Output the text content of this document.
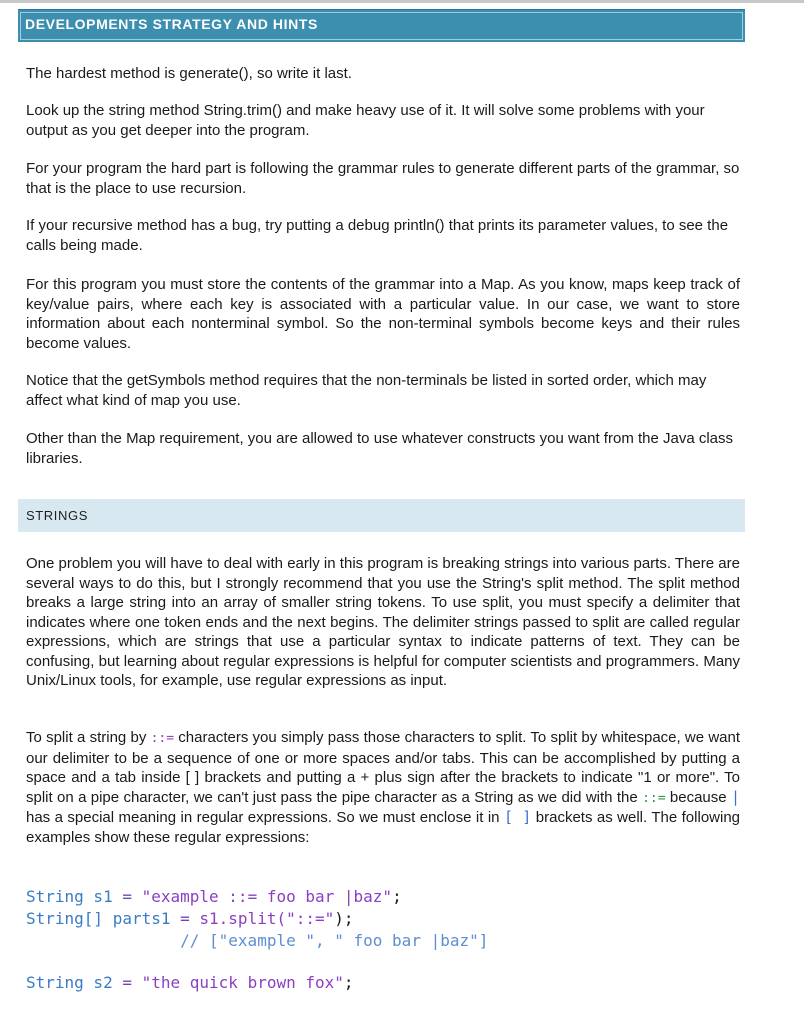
DEVELOPMENTS STRATEGY AND HINTS

The hardest method is generate(), so write it last.

Look up the string method String.trim() and make heavy use of it. It will solve some problems with your output as you get deeper into the program.

For your program the hard part is following the grammar rules to generate different parts of the grammar, so that is the place to use recursion.

If your recursive method has a bug, try putting a debug println() that prints its parameter values, to see the calls being made.

For this program you must store the contents of the grammar into a Map. As you know, maps keep track of key/value pairs, where each key is associated with a particular value. In our case, we want to store information about each nonterminal symbol. So the non-terminal symbols become keys and their rules become values.

Notice that the getSymbols method requires that the non-terminals be listed in sorted order, which may affect what kind of map you use.

Other than the Map requirement, you are allowed to use whatever constructs you want from the Java class libraries.

STRINGS

One problem you will have to deal with early in this program is breaking strings into various parts. There are several ways to do this, but I strongly recommend that you use the String's split method. The split method breaks a large string into an array of smaller string tokens. To use split, you must specify a delimiter that indicates where one token ends and the next begins. The delimiter strings passed to split are called regular expressions, which are strings that use a particular syntax to indicate patterns of text. They can be confusing, but learning about regular expressions is helpful for computer scientists and programmers. Many Unix/Linux tools, for example, use regular expressions as input.

To split a string by ::= characters you simply pass those characters to split. To split by whitespace, we want our delimiter to be a sequence of one or more spaces and/or tabs. This can be accomplished by putting a space and a tab inside [ ] brackets and putting a + plus sign after the brackets to indicate "1 or more". To split on a pipe character, we can't just pass the pipe character as a String as we did with the ::= because | has a special meaning in regular expressions. So we must enclose it in [ ] brackets as well. The following examples show these regular expressions:

String s1 = "example ::= foo bar |baz";
String[] parts1 = s1.split("::=");
// ["example ", " foo bar |baz"]
String s2 = "the quick brown fox";
